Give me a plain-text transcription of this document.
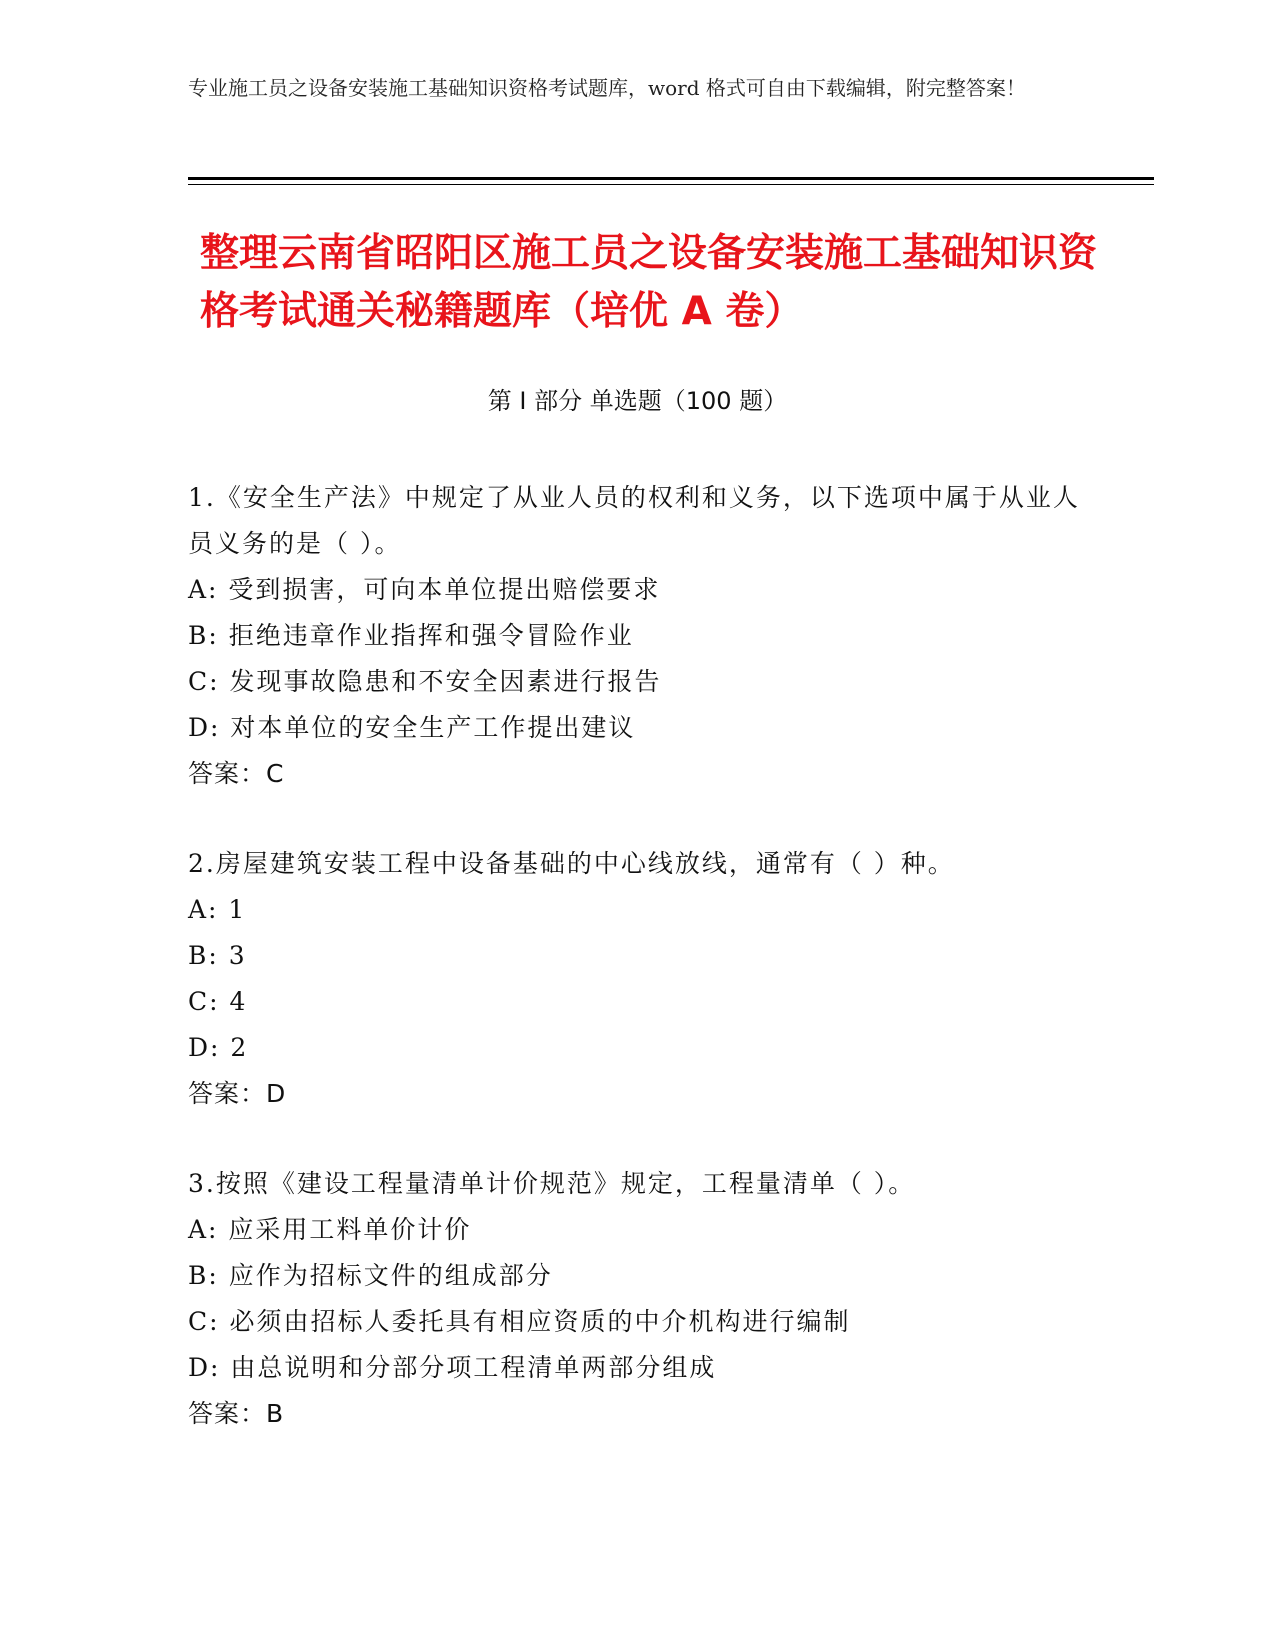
专业施工员之设备安装施工基础知识资格考试题库，word 格式可自由下载编辑，附完整答案！
整理云南省昭阳区施工员之设备安装施工基础知识资格考试通关秘籍题库（培优 A 卷）
第 I 部分 单选题（100 题）
1.《安全生产法》中规定了从业人员的权利和义务，以下选项中属于从业人员义务的是（ ）。
A: 受到损害，可向本单位提出赔偿要求
B: 拒绝违章作业指挥和强令冒险作业
C: 发现事故隐患和不安全因素进行报告
D: 对本单位的安全生产工作提出建议
答案：C
2.房屋建筑安装工程中设备基础的中心线放线，通常有（ ）种。
A: 1
B: 3
C: 4
D: 2
答案：D
3.按照《建设工程量清单计价规范》规定，工程量清单（ ）。
A: 应采用工料单价计价
B: 应作为招标文件的组成部分
C: 必须由招标人委托具有相应资质的中介机构进行编制
D: 由总说明和分部分项工程清单两部分组成
答案：B
